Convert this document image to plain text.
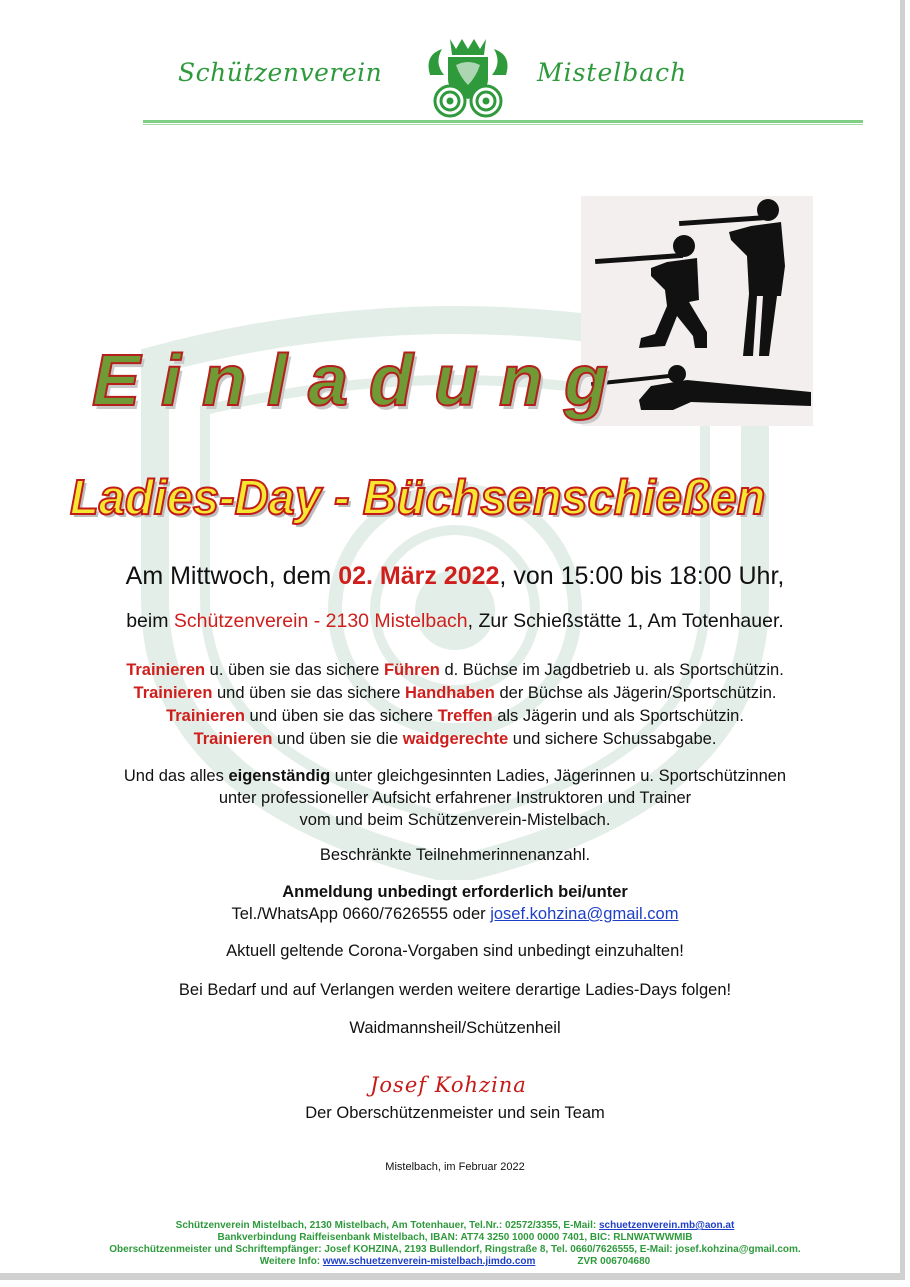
Schützenverein	Mistelbach
Einladung
Ladies-Day - Büchsenschießen
Am Mittwoch, dem 02. März 2022, von 15:00 bis 18:00 Uhr,
beim Schützenverein - 2130 Mistelbach, Zur Schießstätte 1, Am Totenhauer.
Trainieren u. üben sie das sichere Führen d. Büchse im Jagdbetrieb u. als Sportschützin.
Trainieren und üben sie das sichere Handhaben der Büchse als Jägerin/Sportschützin.
Trainieren und üben sie das sichere Treffen als Jägerin und als Sportschützin.
Trainieren und üben sie die waidgerechte und sichere Schussabgabe.
Und das alles eigenständig unter gleichgesinnten Ladies, Jägerinnen u. Sportschützinnen
unter professioneller Aufsicht erfahrener Instruktoren und Trainer
vom und beim Schützenverein-Mistelbach.
Beschränkte Teilnehmerinnenanzahl.
Anmeldung unbedingt erforderlich bei/unter
Tel./WhatsApp 0660/7626555 oder josef.kohzina@gmail.com
Aktuell geltende Corona-Vorgaben sind unbedingt einzuhalten!
Bei Bedarf und auf Verlangen werden weitere derartige Ladies-Days folgen!
Waidmannsheil/Schützenheil
Josef Kohzina
Der Oberschützenmeister und sein Team
Mistelbach, im Februar 2022
Schützenverein Mistelbach, 2130 Mistelbach, Am Totenhauer, Tel.Nr.: 02572/3355, E-Mail: schuetzenverein.mb@aon.at
Bankverbindung Raiffeisenbank Mistelbach, IBAN: AT74 3250 1000 0000 7401, BIC: RLNWATWWMIB
Oberschützenmeister und Schriftempfänger: Josef KOHZINA, 2193 Bullendorf, Ringstraße 8, Tel. 0660/7626555, E-Mail: josef.kohzina@gmail.com.
Weitere Info: www.schuetzenverein-mistelbach.jimdo.com	ZVR 006704680
